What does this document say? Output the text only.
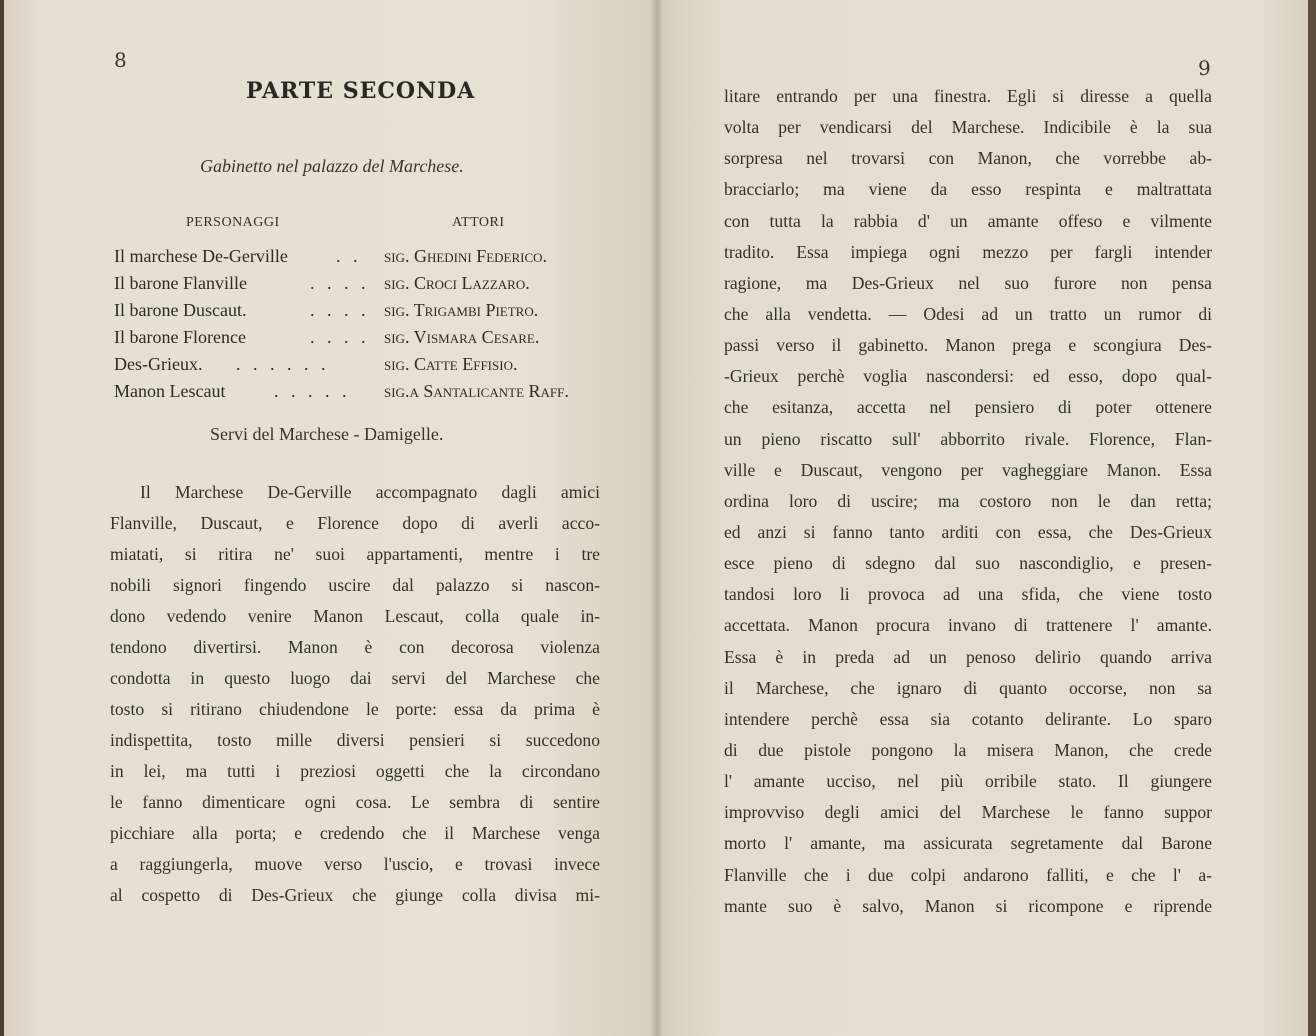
8
PARTE SECONDA
Gabinetto nel palazzo del Marchese.
PERSONAGGI	ATTORI
Il marchese De-Gerville	. . sig. Ghedini Federico.
Il barone Flanville	. . . . sig. Croci Lazzaro.
Il barone Duscaut.	. . . . sig. Trigambi Pietro.
Il barone Florence	. . . . sig. Vismara Cesare.
Des-Grieux. . . . . . .	sig. Catte Effisio.
Manon Lescaut	. . . . . sig.a Santalicante Raff.
Servi del Marchese - Damigelle.
Il Marchese De-Gerville accompagnato dagli amici
Flanville, Duscaut, e Florence dopo di averli acco-
miatati, si ritira ne' suoi appartamenti, mentre i tre
nobili signori fingendo uscire dal palazzo si nascon-
dono vedendo venire Manon Lescaut, colla quale in-
tendono divertirsi. Manon è con decorosa violenza
condotta in questo luogo dai servi del Marchese che
tosto si ritirano chiudendone le porte: essa da prima è
indispettita, tosto mille diversi pensieri si succedono
in lei, ma tutti i preziosi oggetti che la circondano
le fanno dimenticare ogni cosa. Le sembra di sentire
picchiare alla porta; e credendo che il Marchese venga
a raggiungerla, muove verso l'uscio, e trovasi invece
al cospetto di Des-Grieux che giunge colla divisa mi-
9
litare entrando per una finestra. Egli si diresse a quella
volta per vendicarsi del Marchese. Indicibile è la sua
sorpresa nel trovarsi con Manon, che vorrebbe ab-
bracciarlo; ma viene da esso respinta e maltrattata
con tutta la rabbia d' un amante offeso e vilmente
tradito. Essa impiega ogni mezzo per fargli intender
ragione, ma Des-Grieux nel suo furore non pensa
che alla vendetta. — Odesi ad un tratto un rumor di
passi verso il gabinetto. Manon prega e scongiura Des-
-Grieux perchè voglia nascondersi: ed esso, dopo qual-
che esitanza, accetta nel pensiero di poter ottenere
un pieno riscatto sull' abborrito rivale. Florence, Flan-
ville e Duscaut, vengono per vagheggiare Manon. Essa
ordina loro di uscire; ma costoro non le dan retta;
ed anzi si fanno tanto arditi con essa, che Des-Grieux
esce pieno di sdegno dal suo nascondiglio, e presen-
tandosi loro li provoca ad una sfida, che viene tosto
accettata. Manon procura invano di trattenere l' amante.
Essa è in preda ad un penoso delirio quando arriva
il Marchese, che ignaro di quanto occorse, non sa
intendere perchè essa sia cotanto delirante. Lo sparo
di due pistole pongono la misera Manon, che crede
l' amante ucciso, nel più orribile stato. Il giungere
improvviso degli amici del Marchese le fanno suppor
morto l' amante, ma assicurata segretamente dal Barone
Flanville che i due colpi andarono falliti, e che l' a-
mante suo è salvo, Manon si ricompone e riprende
